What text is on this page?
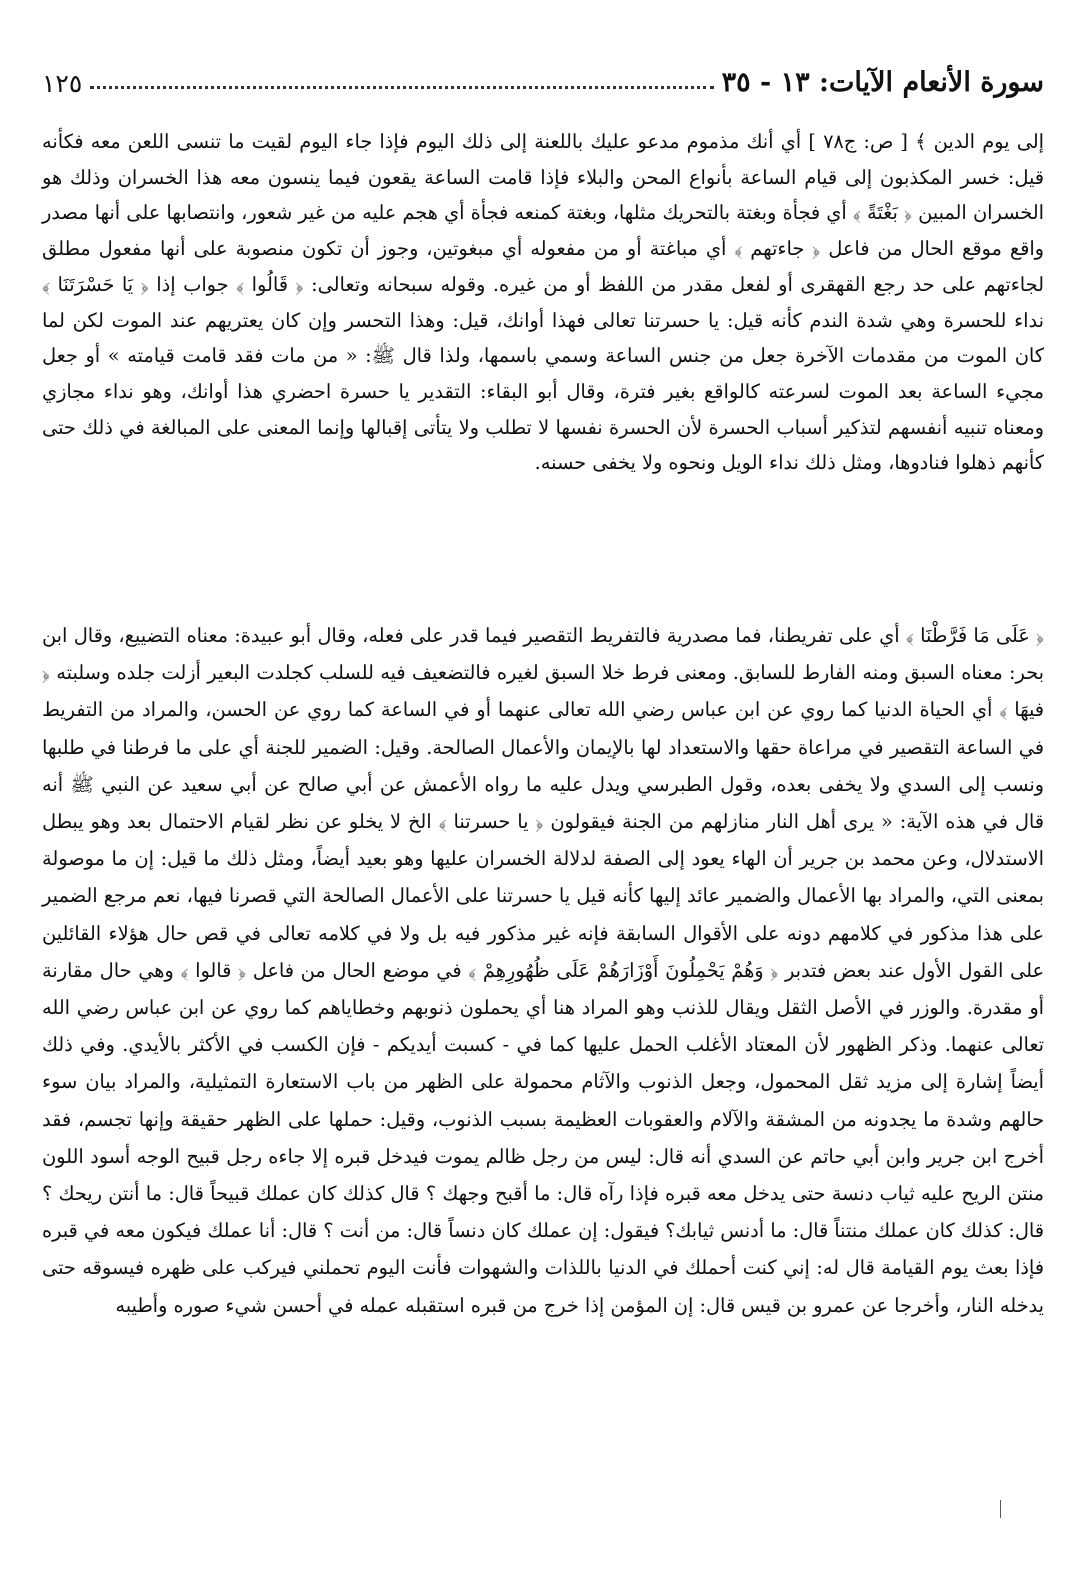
سورة الأنعام الآيات: ١٣ - ٣٥
١٢٥

إلى يوم الدين ﴾ [ ص: ج٧٨ ] أي أنك مذموم مدعو عليك باللعنة إلى ذلك اليوم فإذا جاء اليوم لقيت ما تنسى اللعن معه فكأنه قيل: خسر المكذبون إلى قيام الساعة بأنواع المحن والبلاء فإذا قامت الساعة يقعون فيما ينسون معه هذا الخسران وذلك هو الخسران المبين ﴿ بَغْتَةً ﴾ أي فجأة وبغتة بالتحريك مثلها، وبغتة كمنعه فجأة أي هجم عليه من غير شعور، وانتصابها على أنها مصدر واقع موقع الحال من فاعل ﴿ جاءتهم ﴾ أي مباغتة أو من مفعوله أي مبغوتين، وجوز أن تكون منصوبة على أنها مفعول مطلق لجاءتهم على حد رجع القهقرى أو لفعل مقدر من اللفظ أو من غيره. وقوله سبحانه وتعالى: ﴿ قَالُوا ﴾ جواب إذا ﴿ يَا حَسْرَتَنَا ﴾ نداء للحسرة وهي شدة الندم كأنه قيل: يا حسرتنا تعالى فهذا أوانك، قيل: وهذا التحسر وإن كان يعتريهم عند الموت لكن لما كان الموت من مقدمات الآخرة جعل من جنس الساعة وسمي باسمها، ولذا قال ﷺ: « من مات فقد قامت قيامته » أو جعل مجيء الساعة بعد الموت لسرعته كالواقع بغير فترة، وقال أبو البقاء: التقدير يا حسرة احضري هذا أوانك، وهو نداء مجازي ومعناه تنبيه أنفسهم لتذكير أسباب الحسرة لأن الحسرة نفسها لا تطلب ولا يتأتى إقبالها وإنما المعنى على المبالغة في ذلك حتى كأنهم ذهلوا فنادوها، ومثل ذلك نداء الويل ونحوه ولا يخفى حسنه.

﴿ عَلَى مَا فَرَّطْنَا ﴾ أي على تفريطنا، فما مصدرية فالتفريط التقصير فيما قدر على فعله، وقال أبو عبيدة: معناه التضييع، وقال ابن بحر: معناه السبق ومنه الفارط للسابق. ومعنى فرط خلا السبق لغيره فالتضعيف فيه للسلب كجلدت البعير أزلت جلده وسلبته ﴿ فيهَا ﴾ أي الحياة الدنيا كما روي عن ابن عباس رضي الله تعالى عنهما أو في الساعة كما روي عن الحسن، والمراد من التفريط في الساعة التقصير في مراعاة حقها والاستعداد لها بالإيمان والأعمال الصالحة. وقيل: الضمير للجنة أي على ما فرطنا في طلبها ونسب إلى السدي ولا يخفى بعده، وقول الطبرسي ويدل عليه ما رواه الأعمش عن أبي صالح عن أبي سعيد عن النبي ﷺ أنه قال في هذه الآية: « يرى أهل النار منازلهم من الجنة فيقولون ﴿ يا حسرتنا ﴾ الخ لا يخلو عن نظر لقيام الاحتمال بعد وهو يبطل الاستدلال، وعن محمد بن جرير أن الهاء يعود إلى الصفة لدلالة الخسران عليها وهو بعيد أيضاً، ومثل ذلك ما قيل: إن ما موصولة بمعنى التي، والمراد بها الأعمال والضمير عائد إليها كأنه قيل يا حسرتنا على الأعمال الصالحة التي قصرنا فيها، نعم مرجع الضمير على هذا مذكور في كلامهم دونه على الأقوال السابقة فإنه غير مذكور فيه بل ولا في كلامه تعالى في قص حال هؤلاء القائلين على القول الأول عند بعض فتدبر ﴿ وَهُمْ يَحْمِلُونَ أَوْزَارَهُمْ عَلَى ظُهُورِهِمْ ﴾ في موضع الحال من فاعل ﴿ قالوا ﴾ وهي حال مقارنة أو مقدرة. والوزر في الأصل الثقل ويقال للذنب وهو المراد هنا أي يحملون ذنوبهم وخطاياهم كما روي عن ابن عباس رضي الله تعالى عنهما. وذكر الظهور لأن المعتاد الأغلب الحمل عليها كما في - كسبت أيديكم - فإن الكسب في الأكثر بالأيدي. وفي ذلك أيضاً إشارة إلى مزيد ثقل المحمول، وجعل الذنوب والآثام محمولة على الظهر من باب الاستعارة التمثيلية، والمراد بيان سوء حالهم وشدة ما يجدونه من المشقة والآلام والعقوبات العظيمة بسبب الذنوب، وقيل: حملها على الظهر حقيقة وإنها تجسم، فقد أخرج ابن جرير وابن أبي حاتم عن السدي أنه قال: ليس من رجل ظالم يموت فيدخل قبره إلا جاءه رجل قبيح الوجه أسود اللون منتن الريح عليه ثياب دنسة حتى يدخل معه قبره فإذا رآه قال: ما أقبح وجهك ؟ قال كذلك كان عملك قبيحاً قال: ما أنتن ريحك ؟ قال: كذلك كان عملك منتناً قال: ما أدنس ثيابك؟ فيقول: إن عملك كان دنساً قال: من أنت ؟ قال: أنا عملك فيكون معه في قبره فإذا بعث يوم القيامة قال له: إني كنت أحملك في الدنيا باللذات والشهوات فأنت اليوم تحملني فيركب على ظهره فيسوقه حتى يدخله النار، وأخرجا عن عمرو بن قيس قال: إن المؤمن إذا خرج من قبره استقبله عمله في أحسن شيء صوره وأطيبه
